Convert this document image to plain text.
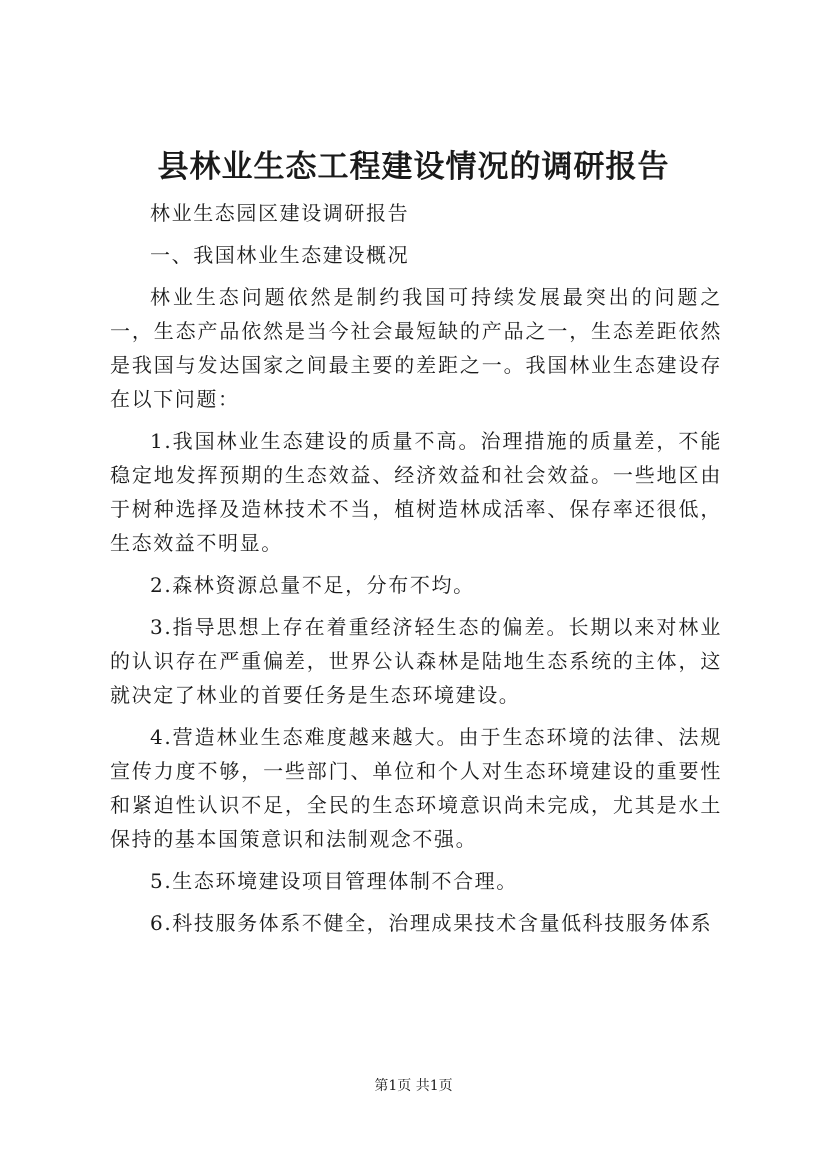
县林业生态工程建设情况的调研报告

林业生态园区建设调研报告

一、我国林业生态建设概况

林业生态问题依然是制约我国可持续发展最突出的问题之一，生态产品依然是当今社会最短缺的产品之一，生态差距依然是我国与发达国家之间最主要的差距之一。我国林业生态建设存在以下问题：

1.我国林业生态建设的质量不高。治理措施的质量差，不能稳定地发挥预期的生态效益、经济效益和社会效益。一些地区由于树种选择及造林技术不当，植树造林成活率、保存率还很低，生态效益不明显。

2.森林资源总量不足，分布不均。

3.指导思想上存在着重经济轻生态的偏差。长期以来对林业的认识存在严重偏差，世界公认森林是陆地生态系统的主体，这就决定了林业的首要任务是生态环境建设。

4.营造林业生态难度越来越大。由于生态环境的法律、法规宣传力度不够，一些部门、单位和个人对生态环境建设的重要性和紧迫性认识不足，全民的生态环境意识尚未完成，尤其是水土保持的基本国策意识和法制观念不强。

5.生态环境建设项目管理体制不合理。

6.科技服务体系不健全，治理成果技术含量低科技服务体系

第1页 共1页
